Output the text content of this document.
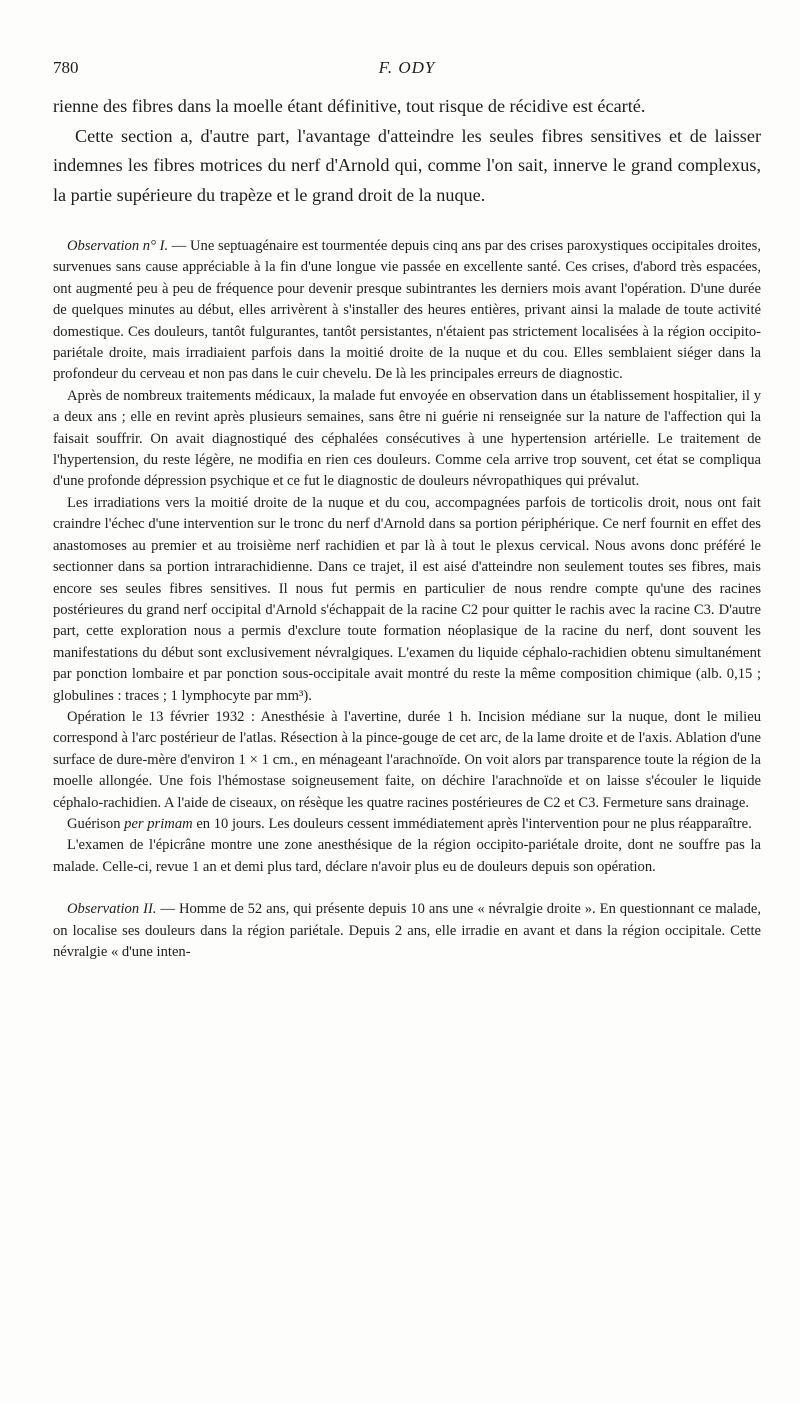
780	F. ODY

rienne des fibres dans la moelle étant définitive, tout risque de récidive est écarté.

Cette section a, d'autre part, l'avantage d'atteindre les seules fibres sensitives et de laisser indemnes les fibres motrices du nerf d'Arnold qui, comme l'on sait, innerve le grand complexus, la partie supérieure du trapèze et le grand droit de la nuque.

Observation n° I. — Une septuagénaire est tourmentée depuis cinq ans par des crises paroxystiques occipitales droites, survenues sans cause appréciable à la fin d'une longue vie passée en excellente santé. Ces crises, d'abord très espacées, ont augmenté peu à peu de fréquence pour devenir presque subintrantes les derniers mois avant l'opération. D'une durée de quelques minutes au début, elles arrivèrent à s'installer des heures entières, privant ainsi la malade de toute activité domestique. Ces douleurs, tantôt fulgurantes, tantôt persistantes, n'étaient pas strictement localisées à la région occipito-pariétale droite, mais irradiaient parfois dans la moitié droite de la nuque et du cou. Elles semblaient siéger dans la profondeur du cerveau et non pas dans le cuir chevelu. De là les principales erreurs de diagnostic.

Après de nombreux traitements médicaux, la malade fut envoyée en observation dans un établissement hospitalier, il y a deux ans ; elle en revint après plusieurs semaines, sans être ni guérie ni renseignée sur la nature de l'affection qui la faisait souffrir. On avait diagnostiqué des céphalées consécutives à une hypertension artérielle. Le traitement de l'hypertension, du reste légère, ne modifia en rien ces douleurs. Comme cela arrive trop souvent, cet état se compliqua d'une profonde dépression psychique et ce fut le diagnostic de douleurs névropathiques qui prévalut.

Les irradiations vers la moitié droite de la nuque et du cou, accompagnées parfois de torticolis droit, nous ont fait craindre l'échec d'une intervention sur le tronc du nerf d'Arnold dans sa portion périphérique. Ce nerf fournit en effet des anastomoses au premier et au troisième nerf rachidien et par là à tout le plexus cervical. Nous avons donc préféré le sectionner dans sa portion intrarachidienne. Dans ce trajet, il est aisé d'atteindre non seulement toutes ses fibres, mais encore ses seules fibres sensitives. Il nous fut permis en particulier de nous rendre compte qu'une des racines postérieures du grand nerf occipital d'Arnold s'échappait de la racine C2 pour quitter le rachis avec la racine C3. D'autre part, cette exploration nous a permis d'exclure toute formation néoplasique de la racine du nerf, dont souvent les manifestations du début sont exclusivement névralgiques. L'examen du liquide céphalo-rachidien obtenu simultanément par ponction lombaire et par ponction sous-occipitale avait montré du reste la même composition chimique (alb. 0,15 ; globulines : traces ; 1 lymphocyte par mm³).

Opération le 13 février 1932 : Anesthésie à l'avertine, durée 1 h. Incision médiane sur la nuque, dont le milieu correspond à l'arc postérieur de l'atlas. Résection à la pince-gouge de cet arc, de la lame droite et de l'axis. Ablation d'une surface de dure-mère d'environ 1 × 1 cm., en ménageant l'arachnoïde. On voit alors par transparence toute la région de la moelle allongée. Une fois l'hémostase soigneusement faite, on déchire l'arachnoïde et on laisse s'écouler le liquide céphalo-rachidien. A l'aide de ciseaux, on résèque les quatre racines postérieures de C2 et C3. Fermeture sans drainage.

Guérison per primam en 10 jours. Les douleurs cessent immédiatement après l'intervention pour ne plus réapparaître.

L'examen de l'épicrâne montre une zone anesthésique de la région occipito-pariétale droite, dont ne souffre pas la malade. Celle-ci, revue 1 an et demi plus tard, déclare n'avoir plus eu de douleurs depuis son opération.

Observation II. — Homme de 52 ans, qui présente depuis 10 ans une « névralgie droite ». En questionnant ce malade, on localise ses douleurs dans la région pariétale. Depuis 2 ans, elle irradie en avant et dans la région occipitale. Cette névralgie « d'une inten-
